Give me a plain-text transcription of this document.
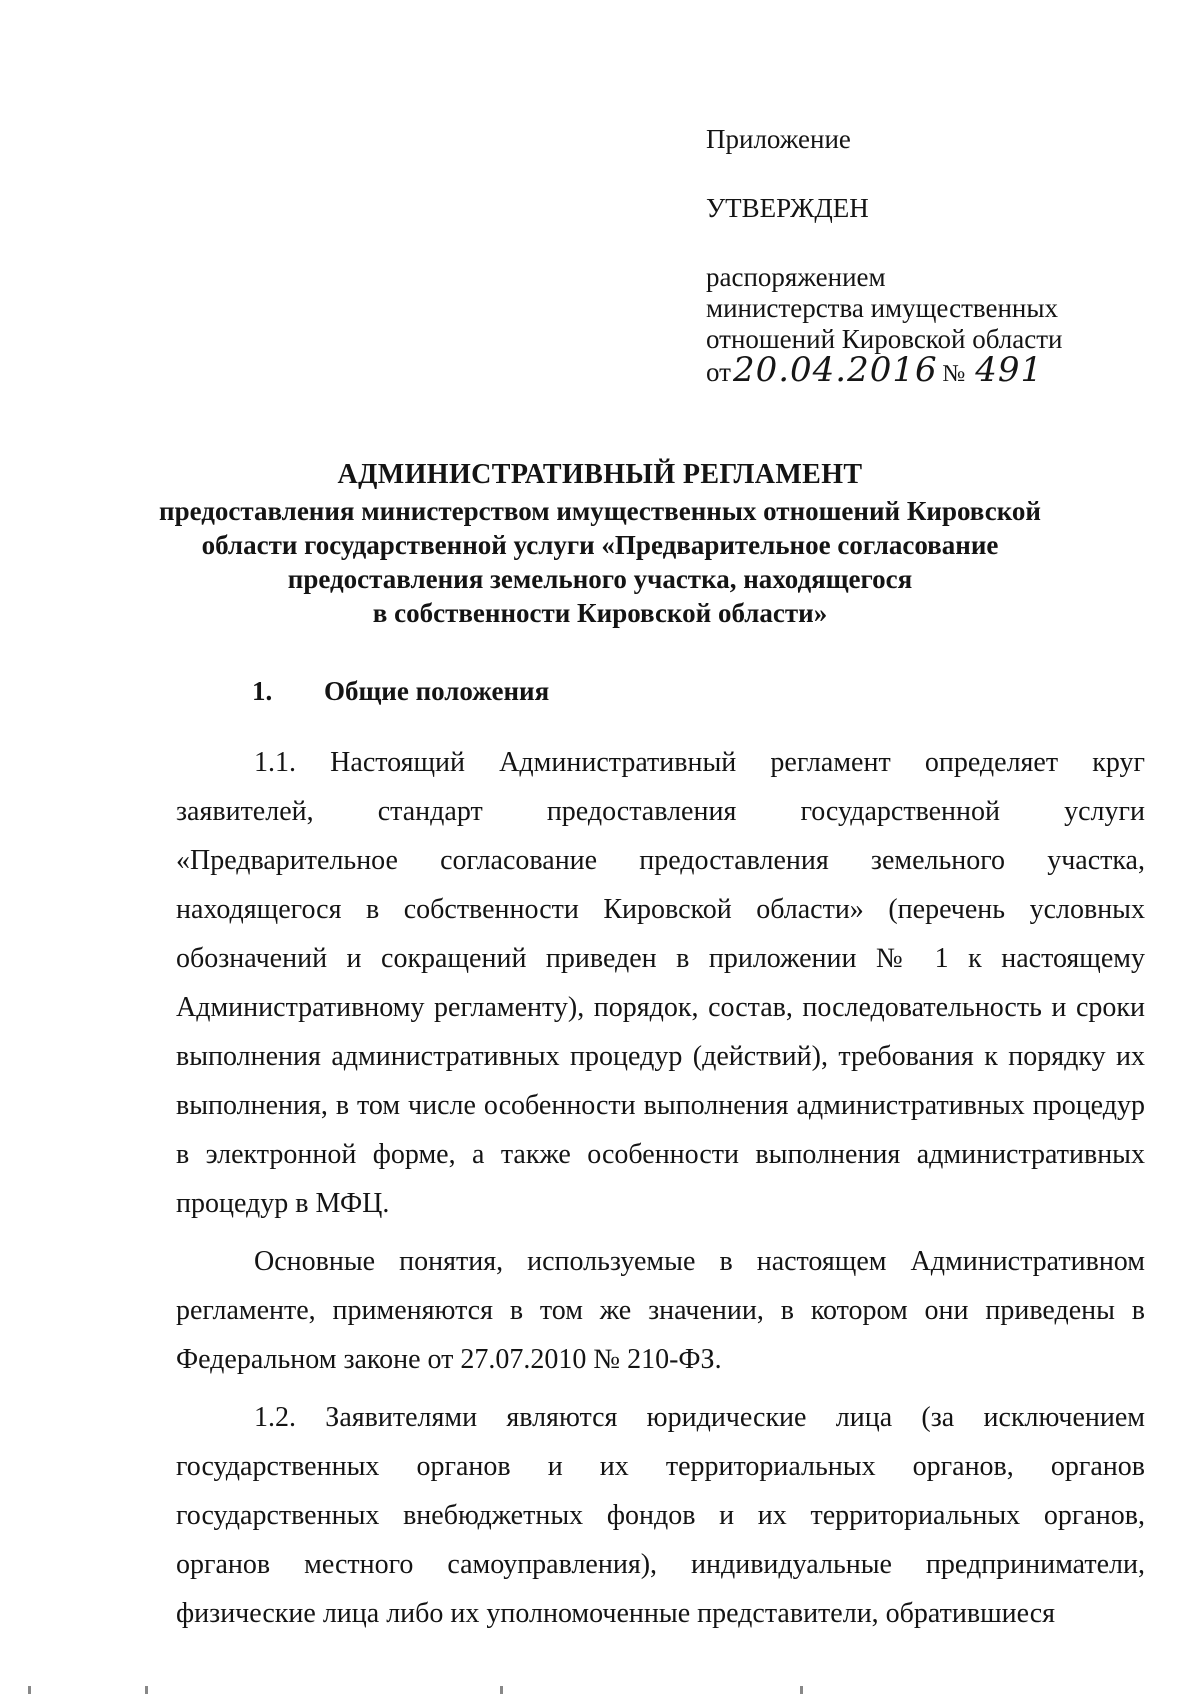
Приложение
УТВЕРЖДЕН
распоряжением
министерства имущественных
отношений Кировской области
от20.04.2016 № 491
АДМИНИСТРАТИВНЫЙ РЕГЛАМЕНТ
предоставления министерством имущественных отношений Кировской
области государственной услуги «Предварительное согласование
предоставления земельного участка, находящегося
в собственности Кировской области»
1. Общие положения

1.1. Настоящий Административный регламент определяет круг заявителей, стандарт предоставления государственной услуги «Предварительное согласование предоставления земельного участка, находящегося в собственности Кировской области» (перечень условных обозначений и сокращений приведен в приложении № 1 к настоящему Административному регламенту), порядок, состав, последовательность и сроки выполнения административных процедур (действий), требования к порядку их выполнения, в том числе особенности выполнения административных процедур в электронной форме, а также особенности выполнения административных процедур в МФЦ.

Основные понятия, используемые в настоящем Административном регламенте, применяются в том же значении, в котором они приведены в Федеральном законе от 27.07.2010 № 210-ФЗ.

1.2. Заявителями являются юридические лица (за исключением государственных органов и их территориальных органов, органов государственных внебюджетных фондов и их территориальных органов, органов местного самоуправления), индивидуальные предприниматели, физические лица либо их уполномоченные представители, обратившиеся
